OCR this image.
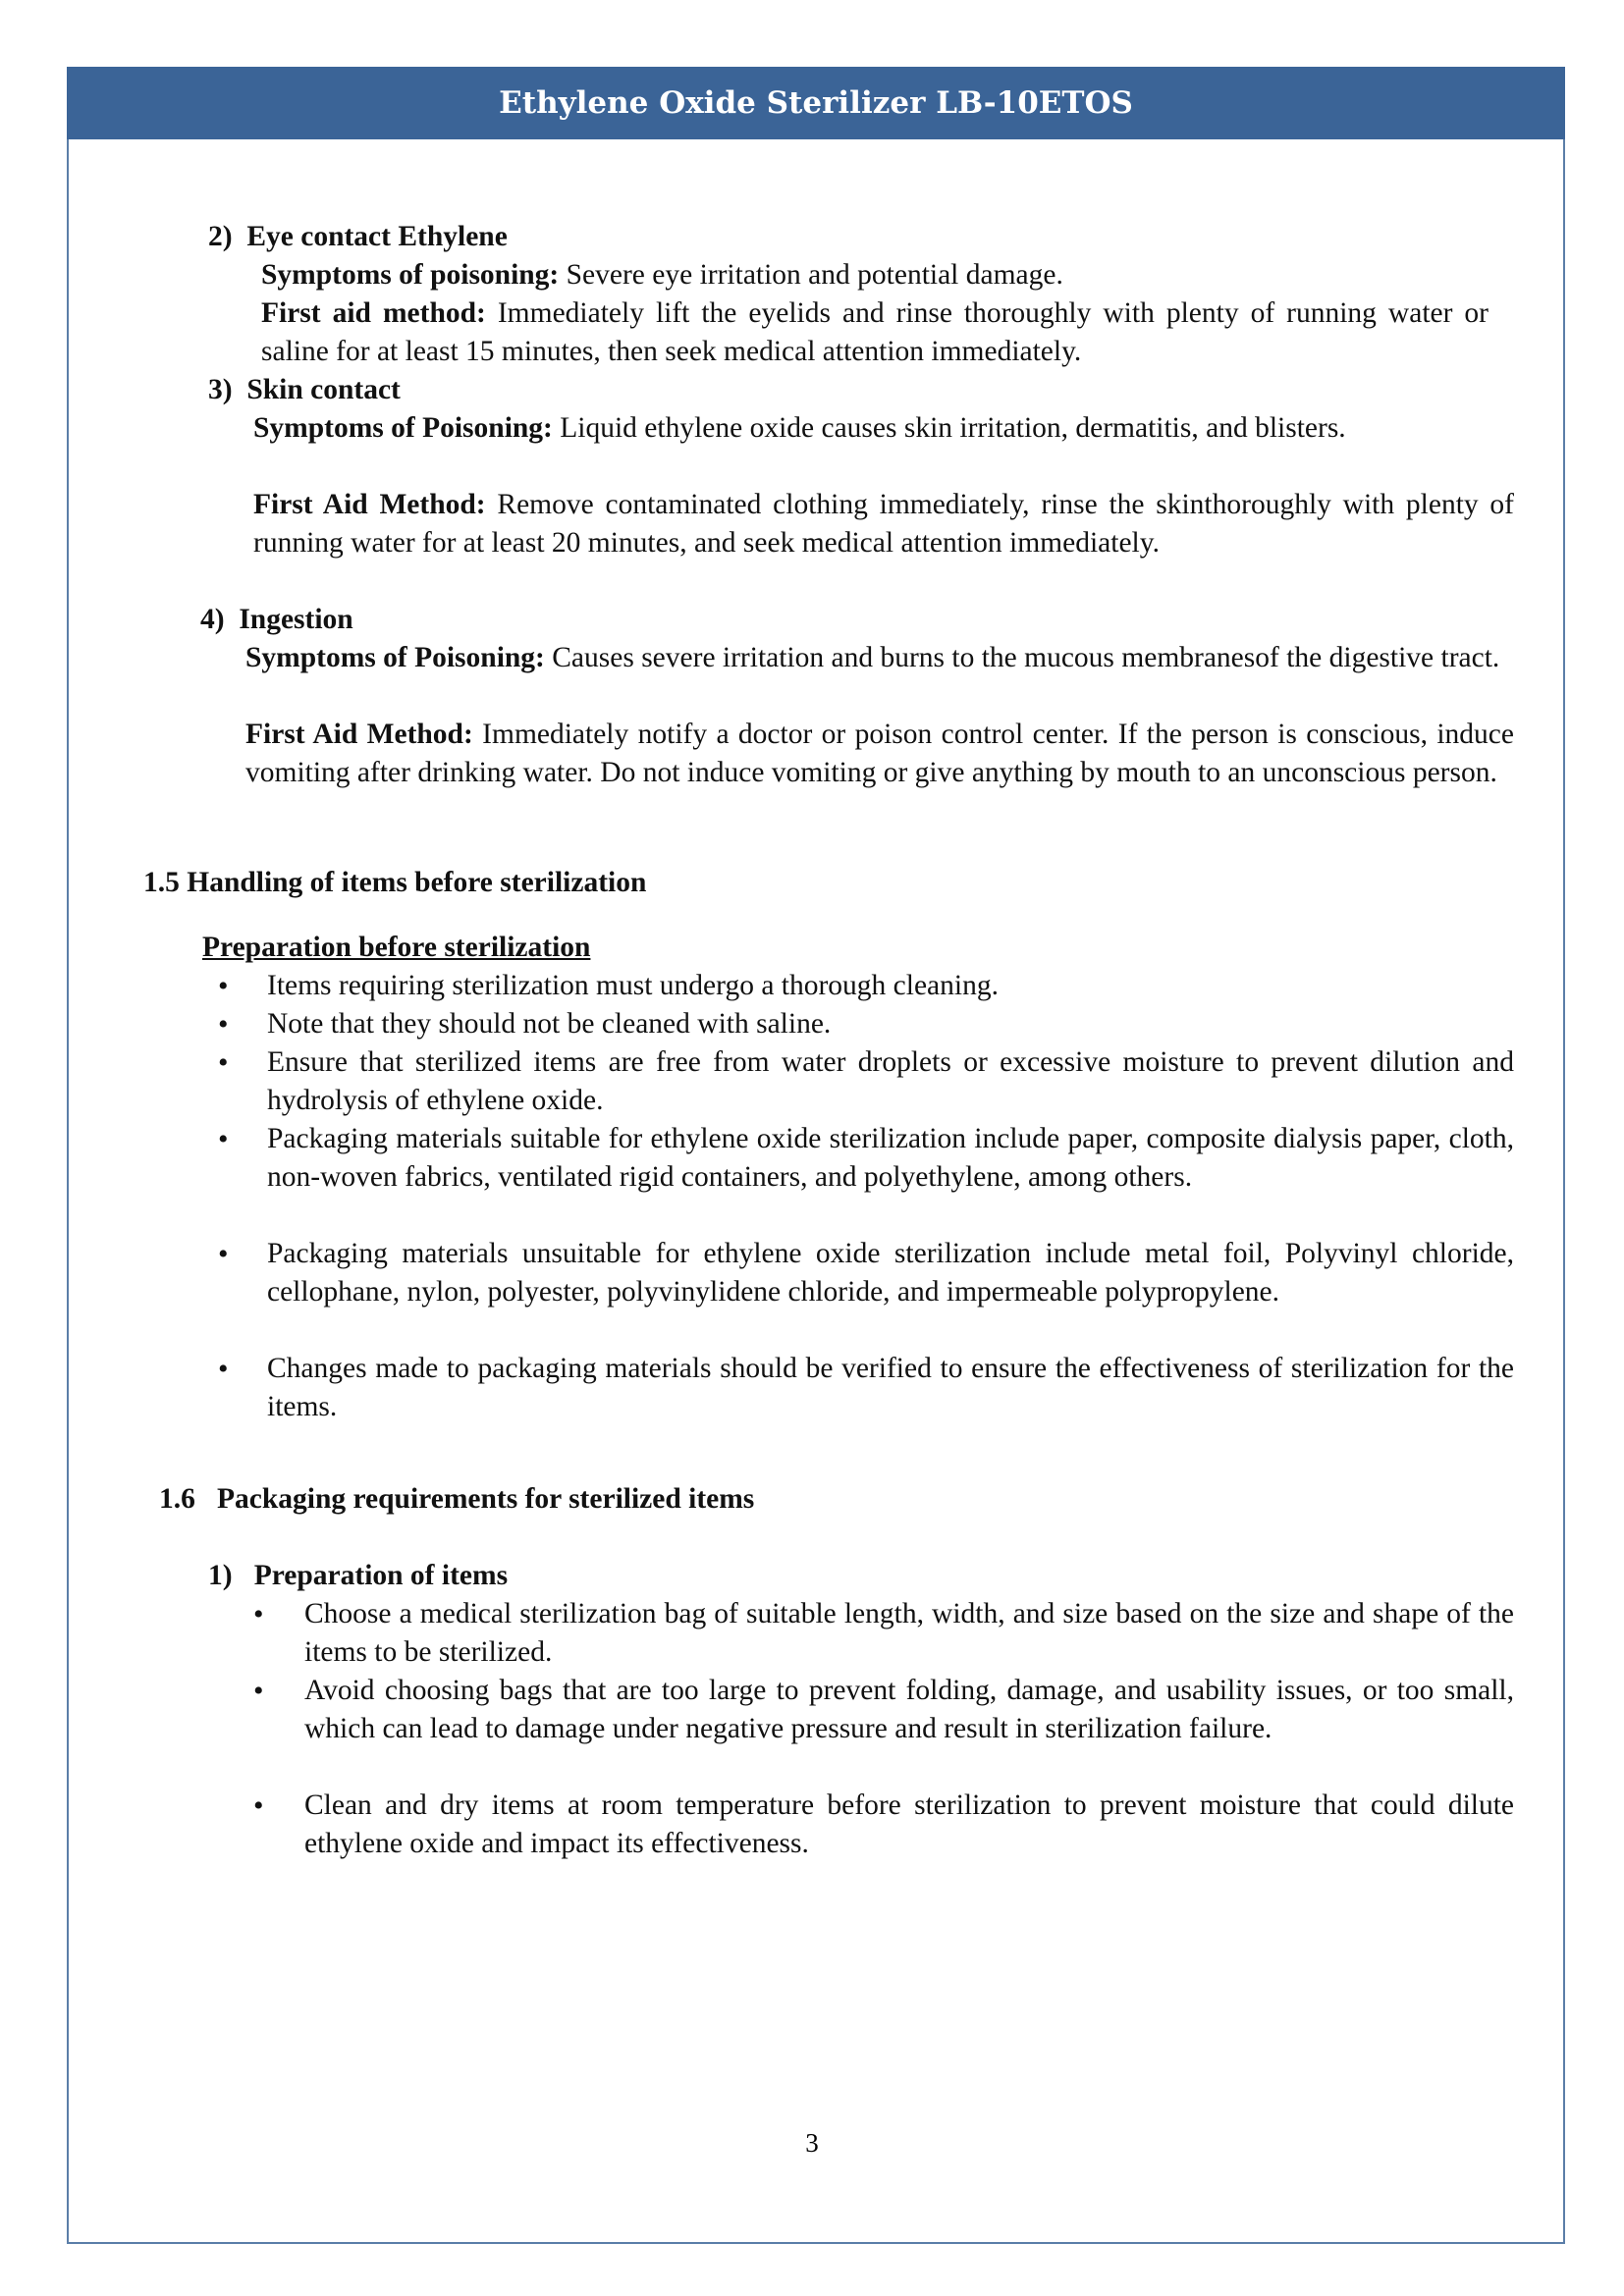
Ethylene Oxide Sterilizer LB-10ETOS
2) Eye contact Ethylene
Symptoms of poisoning: Severe eye irritation and potential damage.
First aid method: Immediately lift the eyelids and rinse thoroughly with plenty of running water or saline for at least 15 minutes, then seek medical attention immediately.
3) Skin contact
Symptoms of Poisoning: Liquid ethylene oxide causes skin irritation, dermatitis, and blisters.
First Aid Method: Remove contaminated clothing immediately, rinse the skinthoroughly with plenty of running water for at least 20 minutes, and seek medical attention immediately.
4) Ingestion
Symptoms of Poisoning: Causes severe irritation and burns to the mucous membranesof the digestive tract.
First Aid Method: Immediately notify a doctor or poison control center. If the person is conscious, induce vomiting after drinking water. Do not induce vomiting or give anything by mouth to an unconscious person.
1.5 Handling of items before sterilization
Preparation before sterilization
• Items requiring sterilization must undergo a thorough cleaning.
• Note that they should not be cleaned with saline.
• Ensure that sterilized items are free from water droplets or excessive moisture to prevent dilution and hydrolysis of ethylene oxide.
• Packaging materials suitable for ethylene oxide sterilization include paper, composite dialysis paper, cloth, non-woven fabrics, ventilated rigid containers, and polyethylene, among others.
• Packaging materials unsuitable for ethylene oxide sterilization include metal foil, Polyvinyl chloride, cellophane, nylon, polyester, polyvinylidene chloride, and impermeable polypropylene.
• Changes made to packaging materials should be verified to ensure the effectiveness of sterilization for the items.
1.6 Packaging requirements for sterilized items
1) Preparation of items
• Choose a medical sterilization bag of suitable length, width, and size based on the size and shape of the items to be sterilized.
• Avoid choosing bags that are too large to prevent folding, damage, and usability issues, or too small, which can lead to damage under negative pressure and result in sterilization failure.
• Clean and dry items at room temperature before sterilization to prevent moisture that could dilute ethylene oxide and impact its effectiveness.
3
